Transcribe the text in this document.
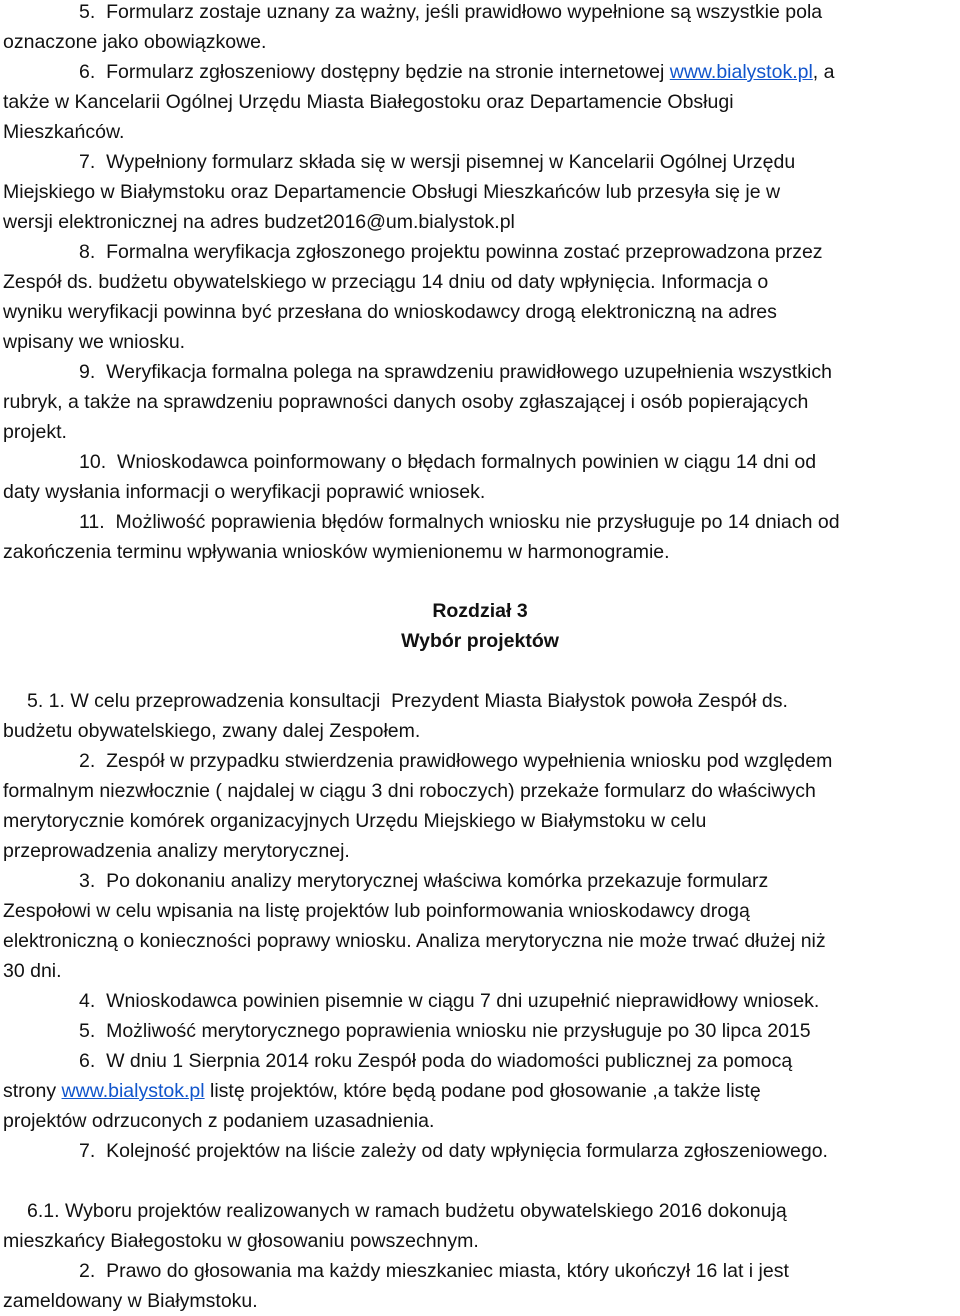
5.  Formularz zostaje uznany za ważny, jeśli prawidłowo wypełnione są wszystkie pola
oznaczone jako obowiązkowe.

6.  Formularz zgłoszeniowy dostępny będzie na stronie internetowej www.bialystok.pl, a
także w Kancelarii Ogólnej Urzędu Miasta Białegostoku oraz Departamencie Obsługi
Mieszkańców.

7.  Wypełniony formularz składa się w wersji pisemnej w Kancelarii Ogólnej Urzędu
Miejskiego w Białymstoku oraz Departamencie Obsługi Mieszkańców lub przesyła się je w
wersji elektronicznej na adres budzet2016@um.bialystok.pl

8.  Formalna weryfikacja zgłoszonego projektu powinna zostać przeprowadzona przez
Zespół ds. budżetu obywatelskiego w przeciągu 14 dniu od daty wpłynięcia. Informacja o
wyniku weryfikacji powinna być przesłana do wnioskodawcy drogą elektroniczną na adres
wpisany we wniosku.

9.  Weryfikacja formalna polega na sprawdzeniu prawidłowego uzupełnienia wszystkich
rubryk, a także na sprawdzeniu poprawności danych osoby zgłaszającej i osób popierających
projekt.

10.  Wnioskodawca poinformowany o błędach formalnych powinien w ciągu 14 dni od
daty wysłania informacji o weryfikacji poprawić wniosek.

11.  Możliwość poprawienia błędów formalnych wniosku nie przysługuje po 14 dniach od
zakończenia terminu wpływania wniosków wymienionemu w harmonogramie.

Rozdział 3

Wybór projektów

5. 1. W celu przeprowadzenia konsultacji  Prezydent Miasta Białystok powoła Zespół ds.
budżetu obywatelskiego, zwany dalej Zespołem.

2.  Zespół w przypadku stwierdzenia prawidłowego wypełnienia wniosku pod względem
formalnym niezwłocznie ( najdalej w ciągu 3 dni roboczych) przekaże formularz do właściwych
merytorycznie komórek organizacyjnych Urzędu Miejskiego w Białymstoku w celu
przeprowadzenia analizy merytorycznej.

3.  Po dokonaniu analizy merytorycznej właściwa komórka przekazuje formularz
Zespołowi w celu wpisania na listę projektów lub poinformowania wnioskodawcy drogą
elektroniczną o konieczności poprawy wniosku. Analiza merytoryczna nie może trwać dłużej niż
30 dni.

4.  Wnioskodawca powinien pisemnie w ciągu 7 dni uzupełnić nieprawidłowy wniosek.

5.  Możliwość merytorycznego poprawienia wniosku nie przysługuje po 30 lipca 2015

6.  W dniu 1 Sierpnia 2014 roku Zespół poda do wiadomości publicznej za pomocą
strony www.bialystok.pl listę projektów, które będą podane pod głosowanie ,a także listę
projektów odrzuconych z podaniem uzasadnienia.

7.  Kolejność projektów na liście zależy od daty wpłynięcia formularza zgłoszeniowego.

6.1. Wyboru projektów realizowanych w ramach budżetu obywatelskiego 2016 dokonują
mieszkańcy Białegostoku w głosowaniu powszechnym.

2.  Prawo do głosowania ma każdy mieszkaniec miasta, który ukończył 16 lat i jest
zameldowany w Białymstoku.
